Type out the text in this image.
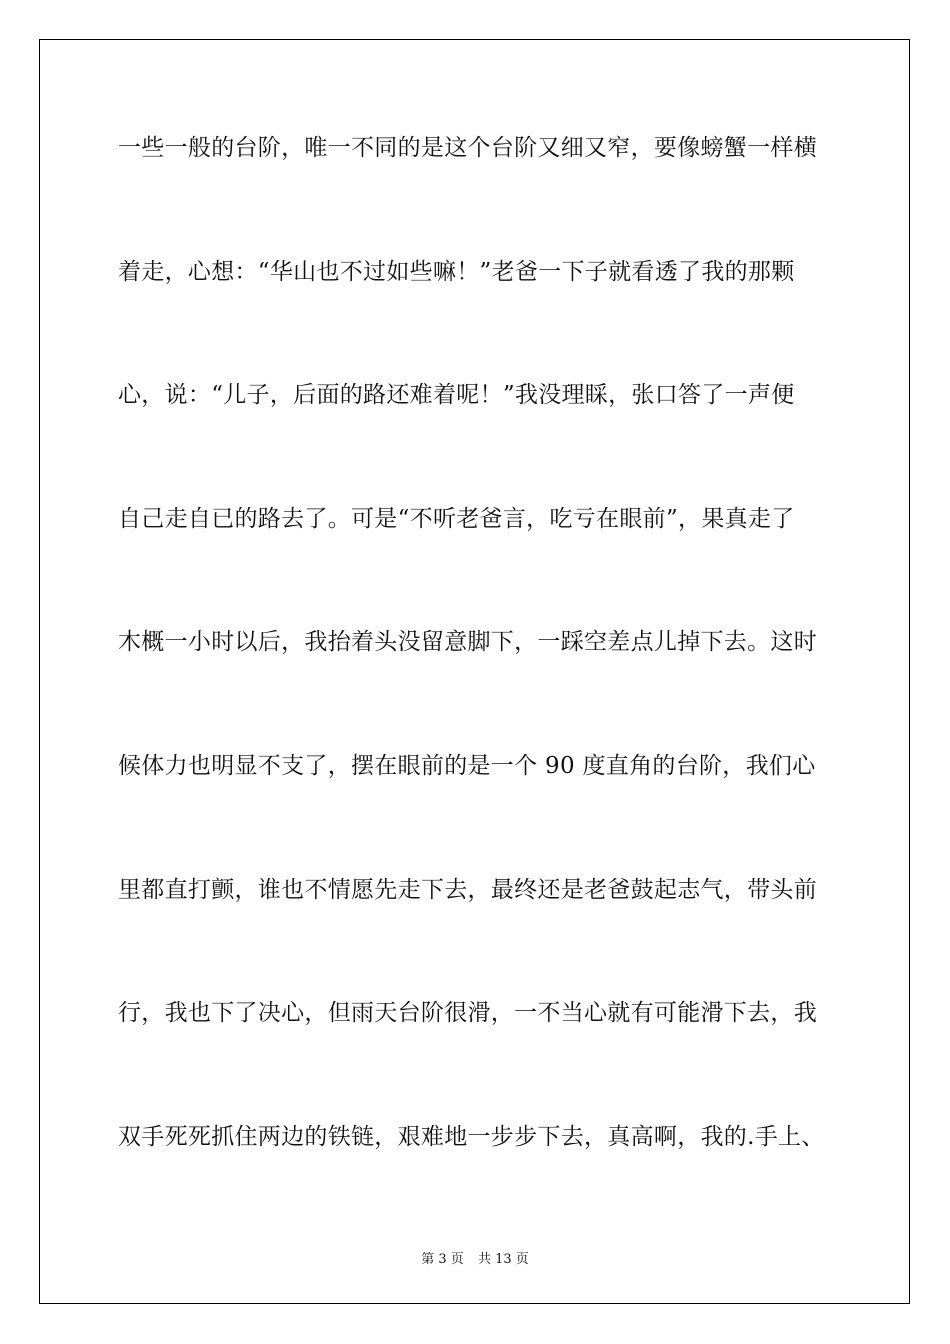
一些一般的台阶，唯一不同的是这个台阶又细又窄，要像螃蟹一样横
着走，心想：“华山也不过如些嘛！”老爸一下子就看透了我的那颗
心，说：“儿子，后面的路还难着呢！”我没理睬，张口答了一声便
自己走自已的路去了。可是“不听老爸言，吃亏在眼前”，果真走了
木概一小时以后，我抬着头没留意脚下，一踩空差点儿掉下去。这时
候体力也明显不支了，摆在眼前的是一个 90 度直角的台阶，我们心
里都直打颤，谁也不情愿先走下去，最终还是老爸鼓起志气，带头前
行，我也下了决心，但雨天台阶很滑，一不当心就有可能滑下去，我
双手死死抓住两边的铁链，艰难地一步步下去，真高啊，我的.手上、
第 3 页 共 13 页
